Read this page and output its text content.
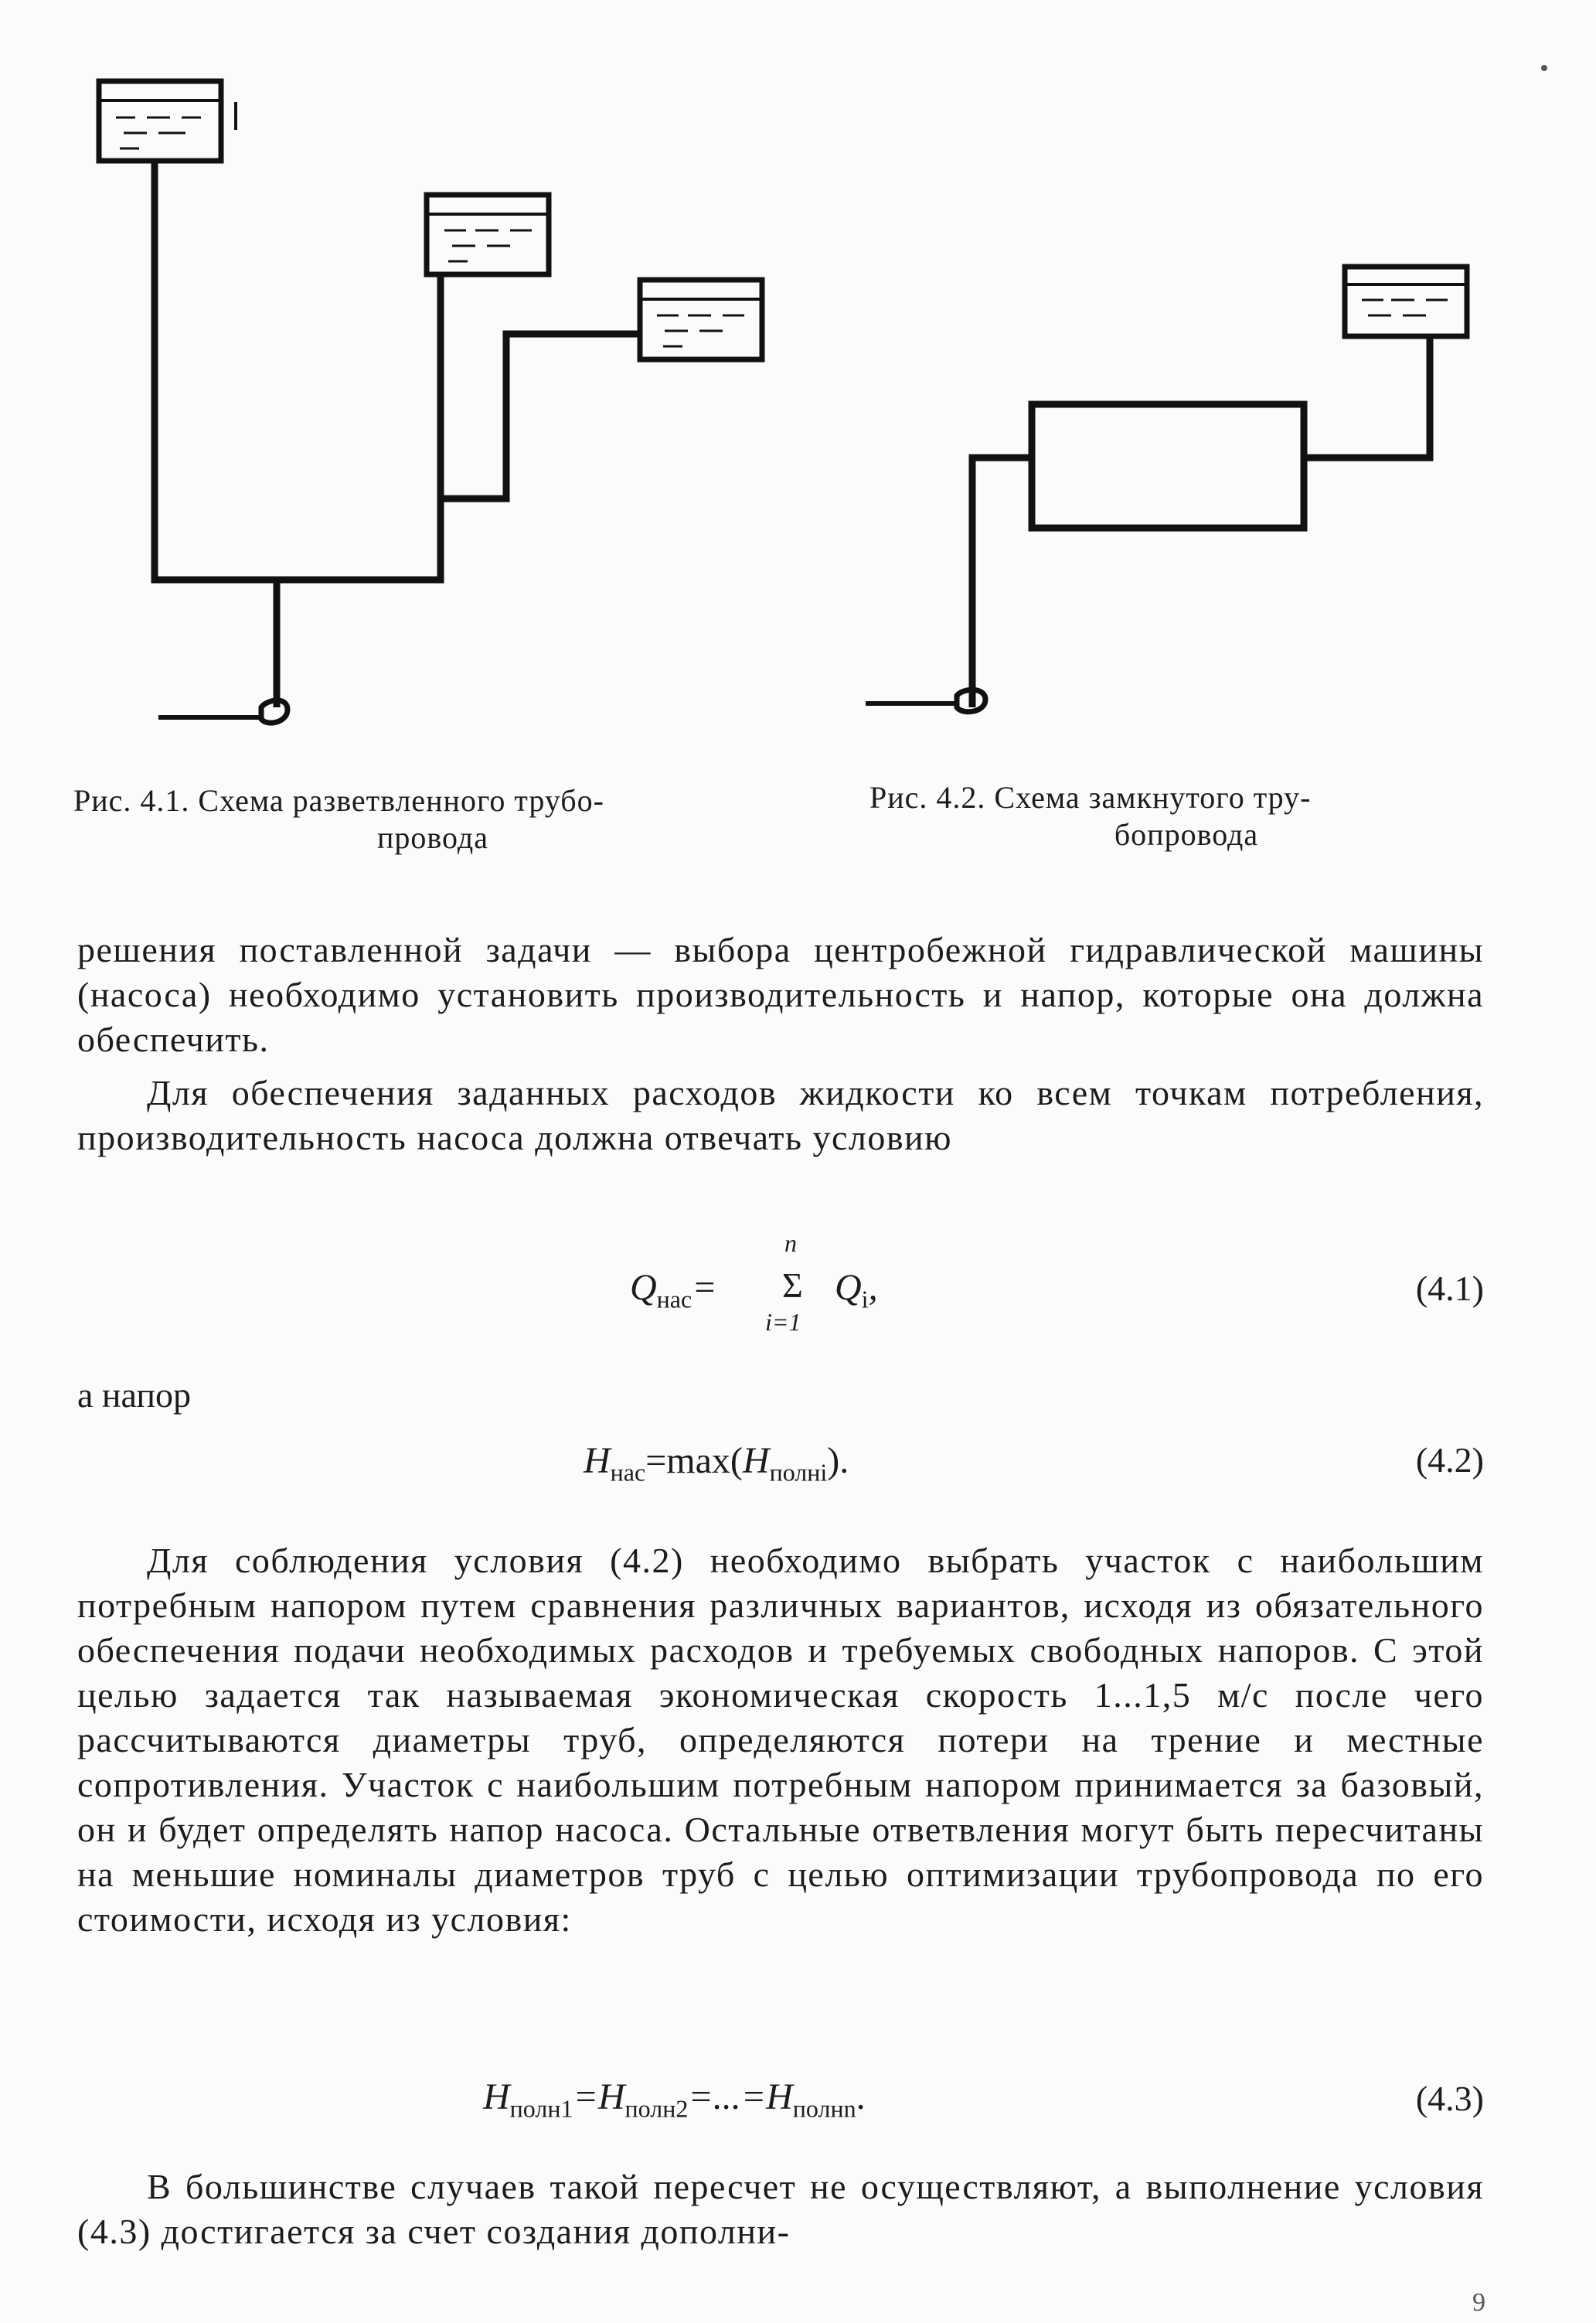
Рис. 4.1. Схема разветвленного трубо-
провода
Рис. 4.2. Схема замкнутого тру-
бопровода

решения поставленной задачи — выбора центробежной гидравлической машины (насоса) необходимо установить производительность и напор, которые она должна обеспечить.

Для обеспечения заданных расходов жидкости ко всем точкам потребления, производительность насоса должна отвечать условию

$Q_{нас}=$
n
Σ
i=1
$Q_i$,	(4.1)
а напор
$H_{нас}=\max(H_{полнi})$.	(4.2)

Для соблюдения условия (4.2) необходимо выбрать участок с наибольшим потребным напором путем сравнения различных вариантов, исходя из обязательного обеспечения подачи необходимых расходов и требуемых свободных напоров. С этой целью задается так называемая экономическая скорость 1...1,5 м/с после чего рассчитываются диаметры труб, определяются потери на трение и местные сопротивления. Участок с наибольшим потребным напором принимается за базовый, он и будет определять напор насоса. Остальные ответвления могут быть пересчитаны на меньшие номиналы диаметров труб с целью оптимизации трубопровода по его стоимости, исходя из условия:

$H_{полн1}=H_{полн2}=...=H_{полнn}$.	(4.3)

В большинстве случаев такой пересчет не осуществляют, а выполнение условия (4.3) достигается за счет создания дополни-

9
